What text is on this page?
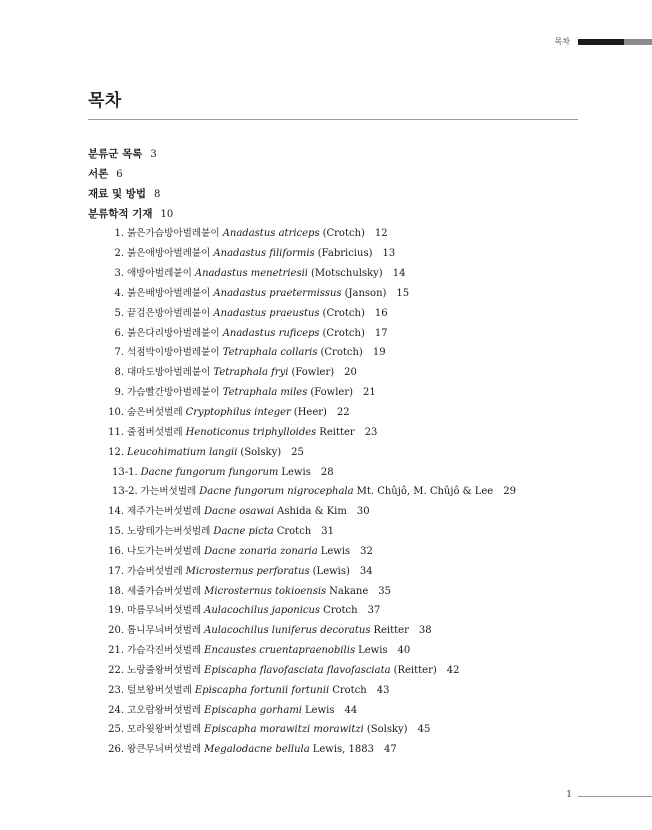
목차
목차
분류군 목록 3
서론 6
재료 및 방법 8
분류학적 기재 10
1. 붉은가슴방아벌레붙이 Anadastus atriceps (Crotch) 12
2. 붉은애방아벌레붙이 Anadastus filiformis (Fabricius) 13
3. 애방아벌레붙이 Anadastus menetriesii (Motschulsky) 14
4. 붉은배방아벌레붙이 Anadastus praetermissus (Janson) 15
5. 끝검은방아벌레붙이 Anadastus praeustus (Crotch) 16
6. 붉은다리방아벌레붙이 Anadastus ruficeps (Crotch) 17
7. 석점박이방아벌레붙이 Tetraphala collaris (Crotch) 19
8. 대마도방아벌레붙이 Tetraphala fryi (Fowler) 20
9. 가슴빨간방아벌레붙이 Tetraphala miles (Fowler) 21
10. 숨은버섯벌레 Cryptophilus integer (Heer) 22
11. 줄점버섯벌레 Henoticonus triphylloides Reitter 23
12. Leucohimatium langii (Solsky) 25
13-1. Dacne fungorum fungorum Lewis 28
13-2. 가는버섯벌레 Dacne fungorum nigrocephala Mt. Chûjô, M. Chûjô & Lee 29
14. 제주가는버섯벌레 Dacne osawai Ashida & Kim 30
15. 노랑테가는버섯벌레 Dacne picta Crotch 31
16. 나도가는버섯벌레 Dacne zonaria zonaria Lewis 32
17. 가슴버섯벌레 Microsternus perforatus (Lewis) 34
18. 세줄가슴버섯벌레 Microsternus tokioensis Nakane 35
19. 마름무늬버섯벌레 Aulacochilus japonicus Crotch 37
20. 톱니무늬버섯벌레 Aulacochilus luniferus decoratus Reitter 38
21. 가슴각진버섯벌레 Encaustes cruentapraenobilis Lewis 40
22. 노랑줄왕버섯벌레 Episcapha flavofasciata flavofasciata (Reitter) 42
23. 털보왕버섯벌레 Episcapha fortunii fortunii Crotch 43
24. 고오람왕버섯벌레 Episcapha gorhami Lewis 44
25. 모라윗왕버섯벌레 Episcapha morawitzi morawitzi (Solsky) 45
26. 왕큰무늬버섯벌레 Megalodacne bellula Lewis, 1883 47
1
